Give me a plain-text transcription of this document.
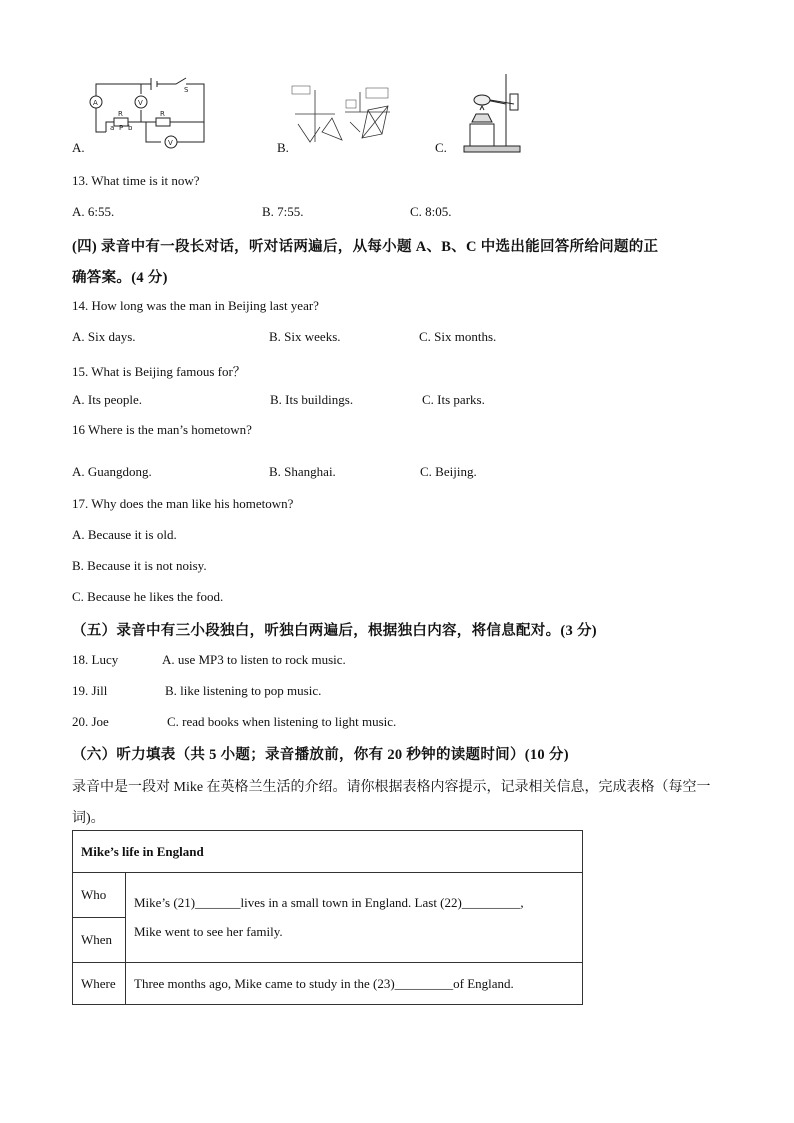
A	V
V
R	R
a P b
S
A.	B.	C.
13. What time is it now?
A. 6:55.	B. 7:55.	C. 8:05.
(四) 录音中有一段长对话，听对话两遍后，从每小题 A、B、C 中选出能回答所给问题的正
确答案。(4 分)
14. How long was the man in Beijing last year?
A. Six days.	B. Six weeks.	C. Six months.
15. What is Beijing famous for？
A. Its people.	B. Its buildings.	C. Its parks.
16 Where is the man’s hometown?
A. Guangdong.	B. Shanghai.	C. Beijing.
17. Why does the man like his hometown?
A. Because it is old.
B. Because it is not noisy.
C. Because he likes the food.
（五）录音中有三小段独白，听独白两遍后，根据独白内容，将信息配对。(3 分)
18. Lucy	A. use MP3 to listen to rock music.
19. Jill	B. like listening to pop music.
20. Joe	C. read books when listening to light music.
（六）听力填表（共 5 小题；录音播放前，你有 20 秒钟的读题时间）(10 分)
录音中是一段对 Mike 在英格兰生活的介绍。请你根据表格内容提示，记录相关信息，完成表格（每空一
词)。
Mike’s life in England	
Who	Mike’s (21)_______lives in a small town in England. Last (22)_________,
Mike went to see her family.

When	
Where	Three months ago, Mike came to study in the (23)_________of England.
